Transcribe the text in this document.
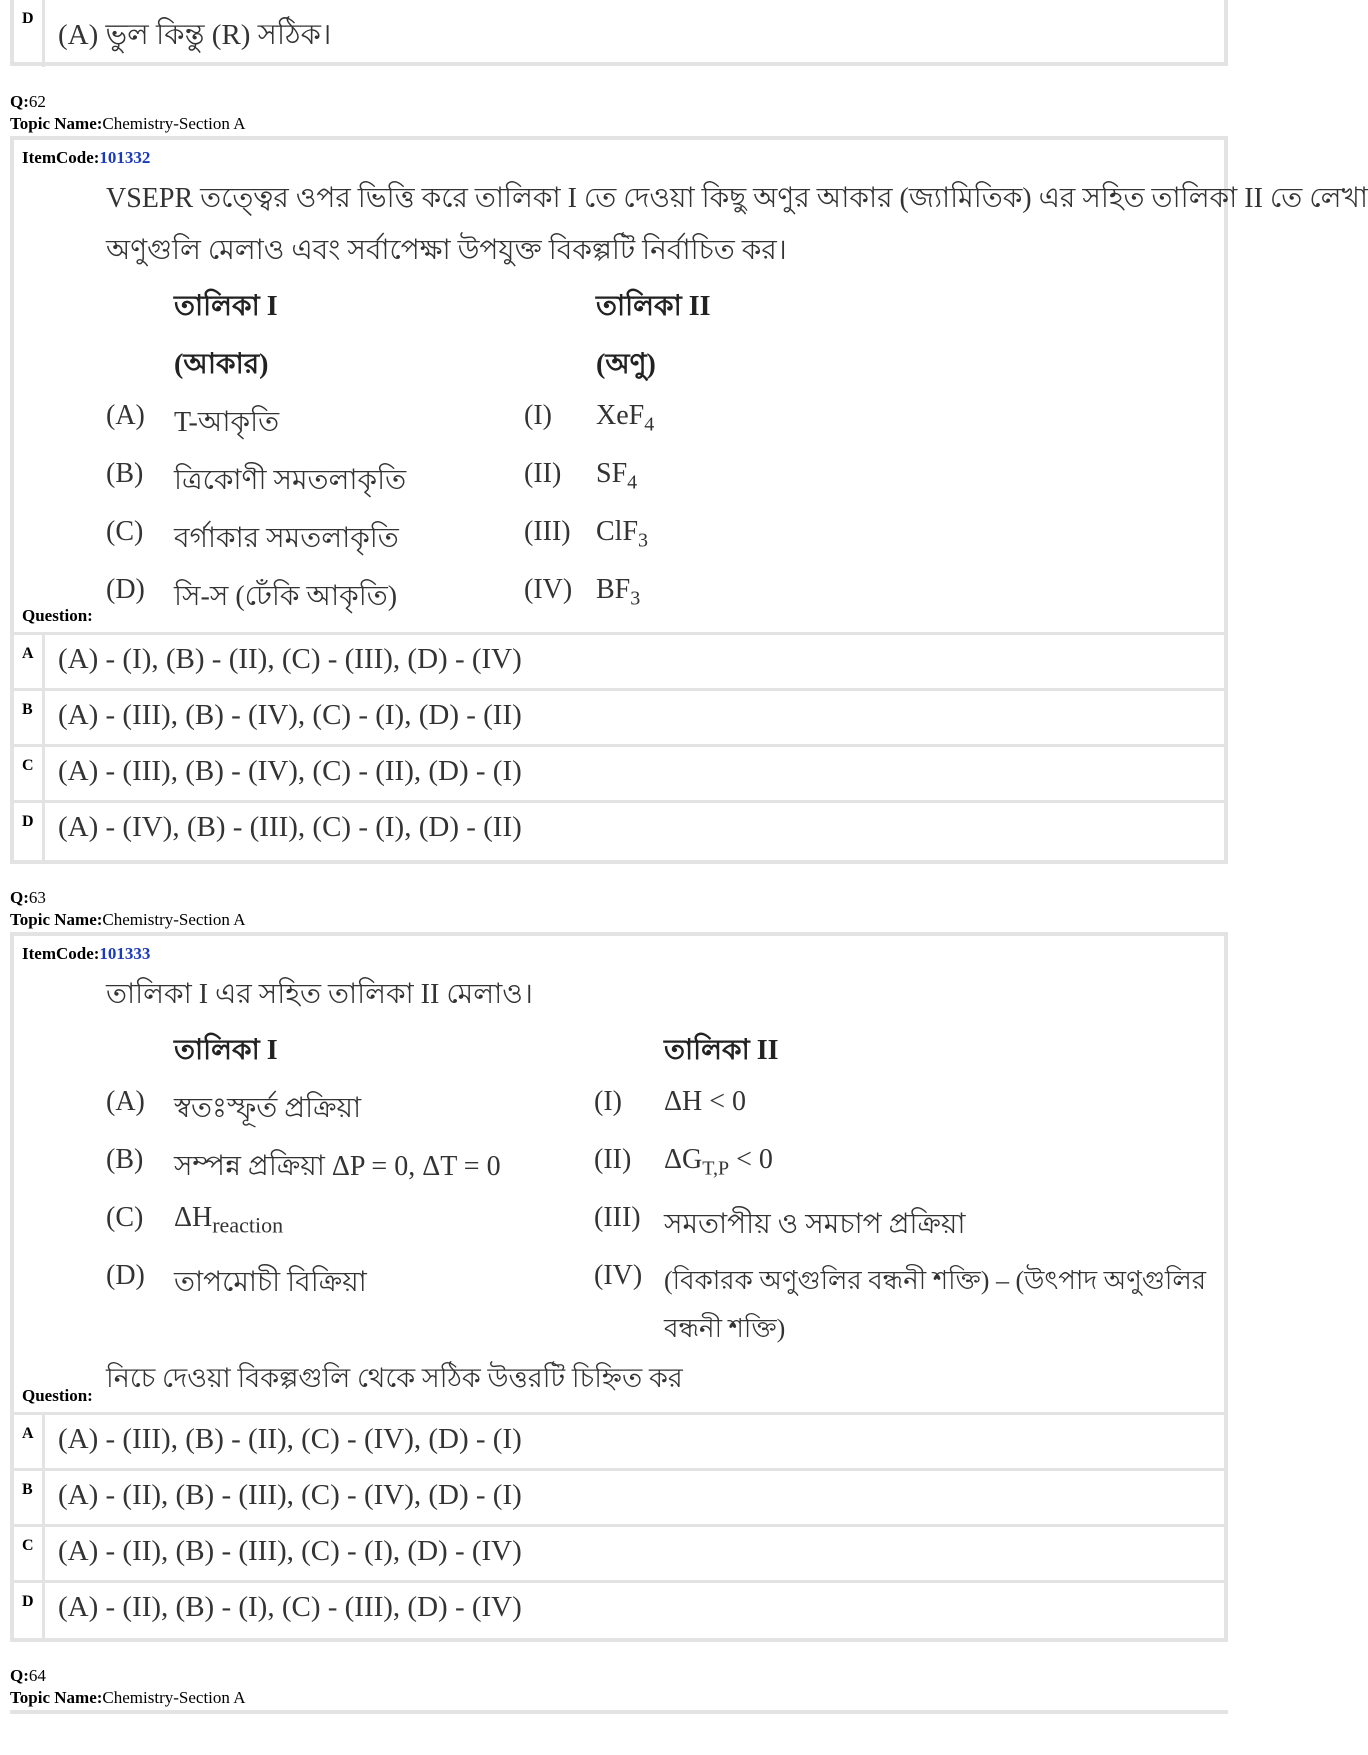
D
(A) ভুল কিন্তু (R) সঠিক।
Q:62
Topic Name:Chemistry-Section A
ItemCode:101332
VSEPR তত্ত্বের ওপর ভিত্তি করে তালিকা I তে দেওয়া কিছু অণুর আকার (জ্যামিতিক) এর সহিত তালিকা II তে লেখা
অণুগুলি মেলাও এবং সর্বাপেক্ষা উপযুক্ত বিকল্পটি নির্বাচিত কর।
তালিকা I	তালিকা II
(আকার)	(অণু)
(A) T-আকৃতি	(I) XeF$_4$
(B) ত্রিকোণী সমতলাকৃতি	(II) $SF_4$
(C) বর্গাকার সমতলাকৃতি	(III) ClF$_3$
(D) সি-স (ঢেঁকি আকৃতি)	(IV) $BF_3$
Question:
A (A) - (I), (B) - (II), (C) - (III), (D) - (IV)
B (A) - (III), (B) - (IV), (C) - (I), (D) - (II)
C (A) - (III), (B) - (IV), (C) - (II), (D) - (I)
D (A) - (IV), (B) - (III), (C) - (I), (D) - (II)
Q:63
Topic Name:Chemistry-Section A
ItemCode:101333
তালিকা I এর সহিত তালিকা II মেলাও।
তালিকা I	তালিকা II
(A) স্বতঃস্ফূর্ত প্রক্রিয়া	(I) ΔH < 0
(B) সম্পন্ন প্রক্রিয়া ΔP = 0, ΔT = 0	(II) $\Delta G_{T,P} < 0$
(C) $\Delta H_{reaction}$	(III) সমতাপীয় ও সমচাপ প্রক্রিয়া
(D) তাপমোচী বিক্রিয়া	(IV) (বিকারক অণুগুলির বন্ধনী শক্তি) – (উৎপাদ অণুগুলির
বন্ধনী শক্তি)
Question:
নিচে দেওয়া বিকল্পগুলি থেকে সঠিক উত্তরটি চিহ্নিত কর
A (A) - (III), (B) - (II), (C) - (IV), (D) - (I)
B (A) - (II), (B) - (III), (C) - (IV), (D) - (I)
C (A) - (II), (B) - (III), (C) - (I), (D) - (IV)
D (A) - (II), (B) - (I), (C) - (III), (D) - (IV)
Q:64
Topic Name:Chemistry-Section A
